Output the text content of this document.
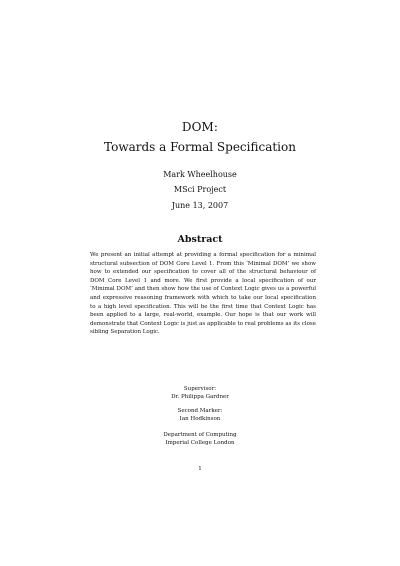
DOM:
Towards a Formal Specification
Mark Wheelhouse
MSci Project
June 13, 2007
Abstract

We present an initial attempt at providing a formal specification for a minimal structural subsection of DOM Core Level 1. From this ‘Minimal DOM’ we show how to extended our specification to cover all of the structural behaviour of DOM Core Level 1 and more. We first provide a local specification of our ‘Minimal DOM’ and then show how the use of Context Logic gives us a powerful and expressive reasoning framework with which to take our local specification to a high level specification. This will be the first time that Context Logic has been applied to a large, real-world, example. Our hope is that our work will demonstrate that Context Logic is just as applicable to real problems as its close sibling Separation Logic.

Supervisor:
Dr. Philippa Gardner
Second Marker:
Ian Hodkinson
Department of Computing
Imperial College London
1
